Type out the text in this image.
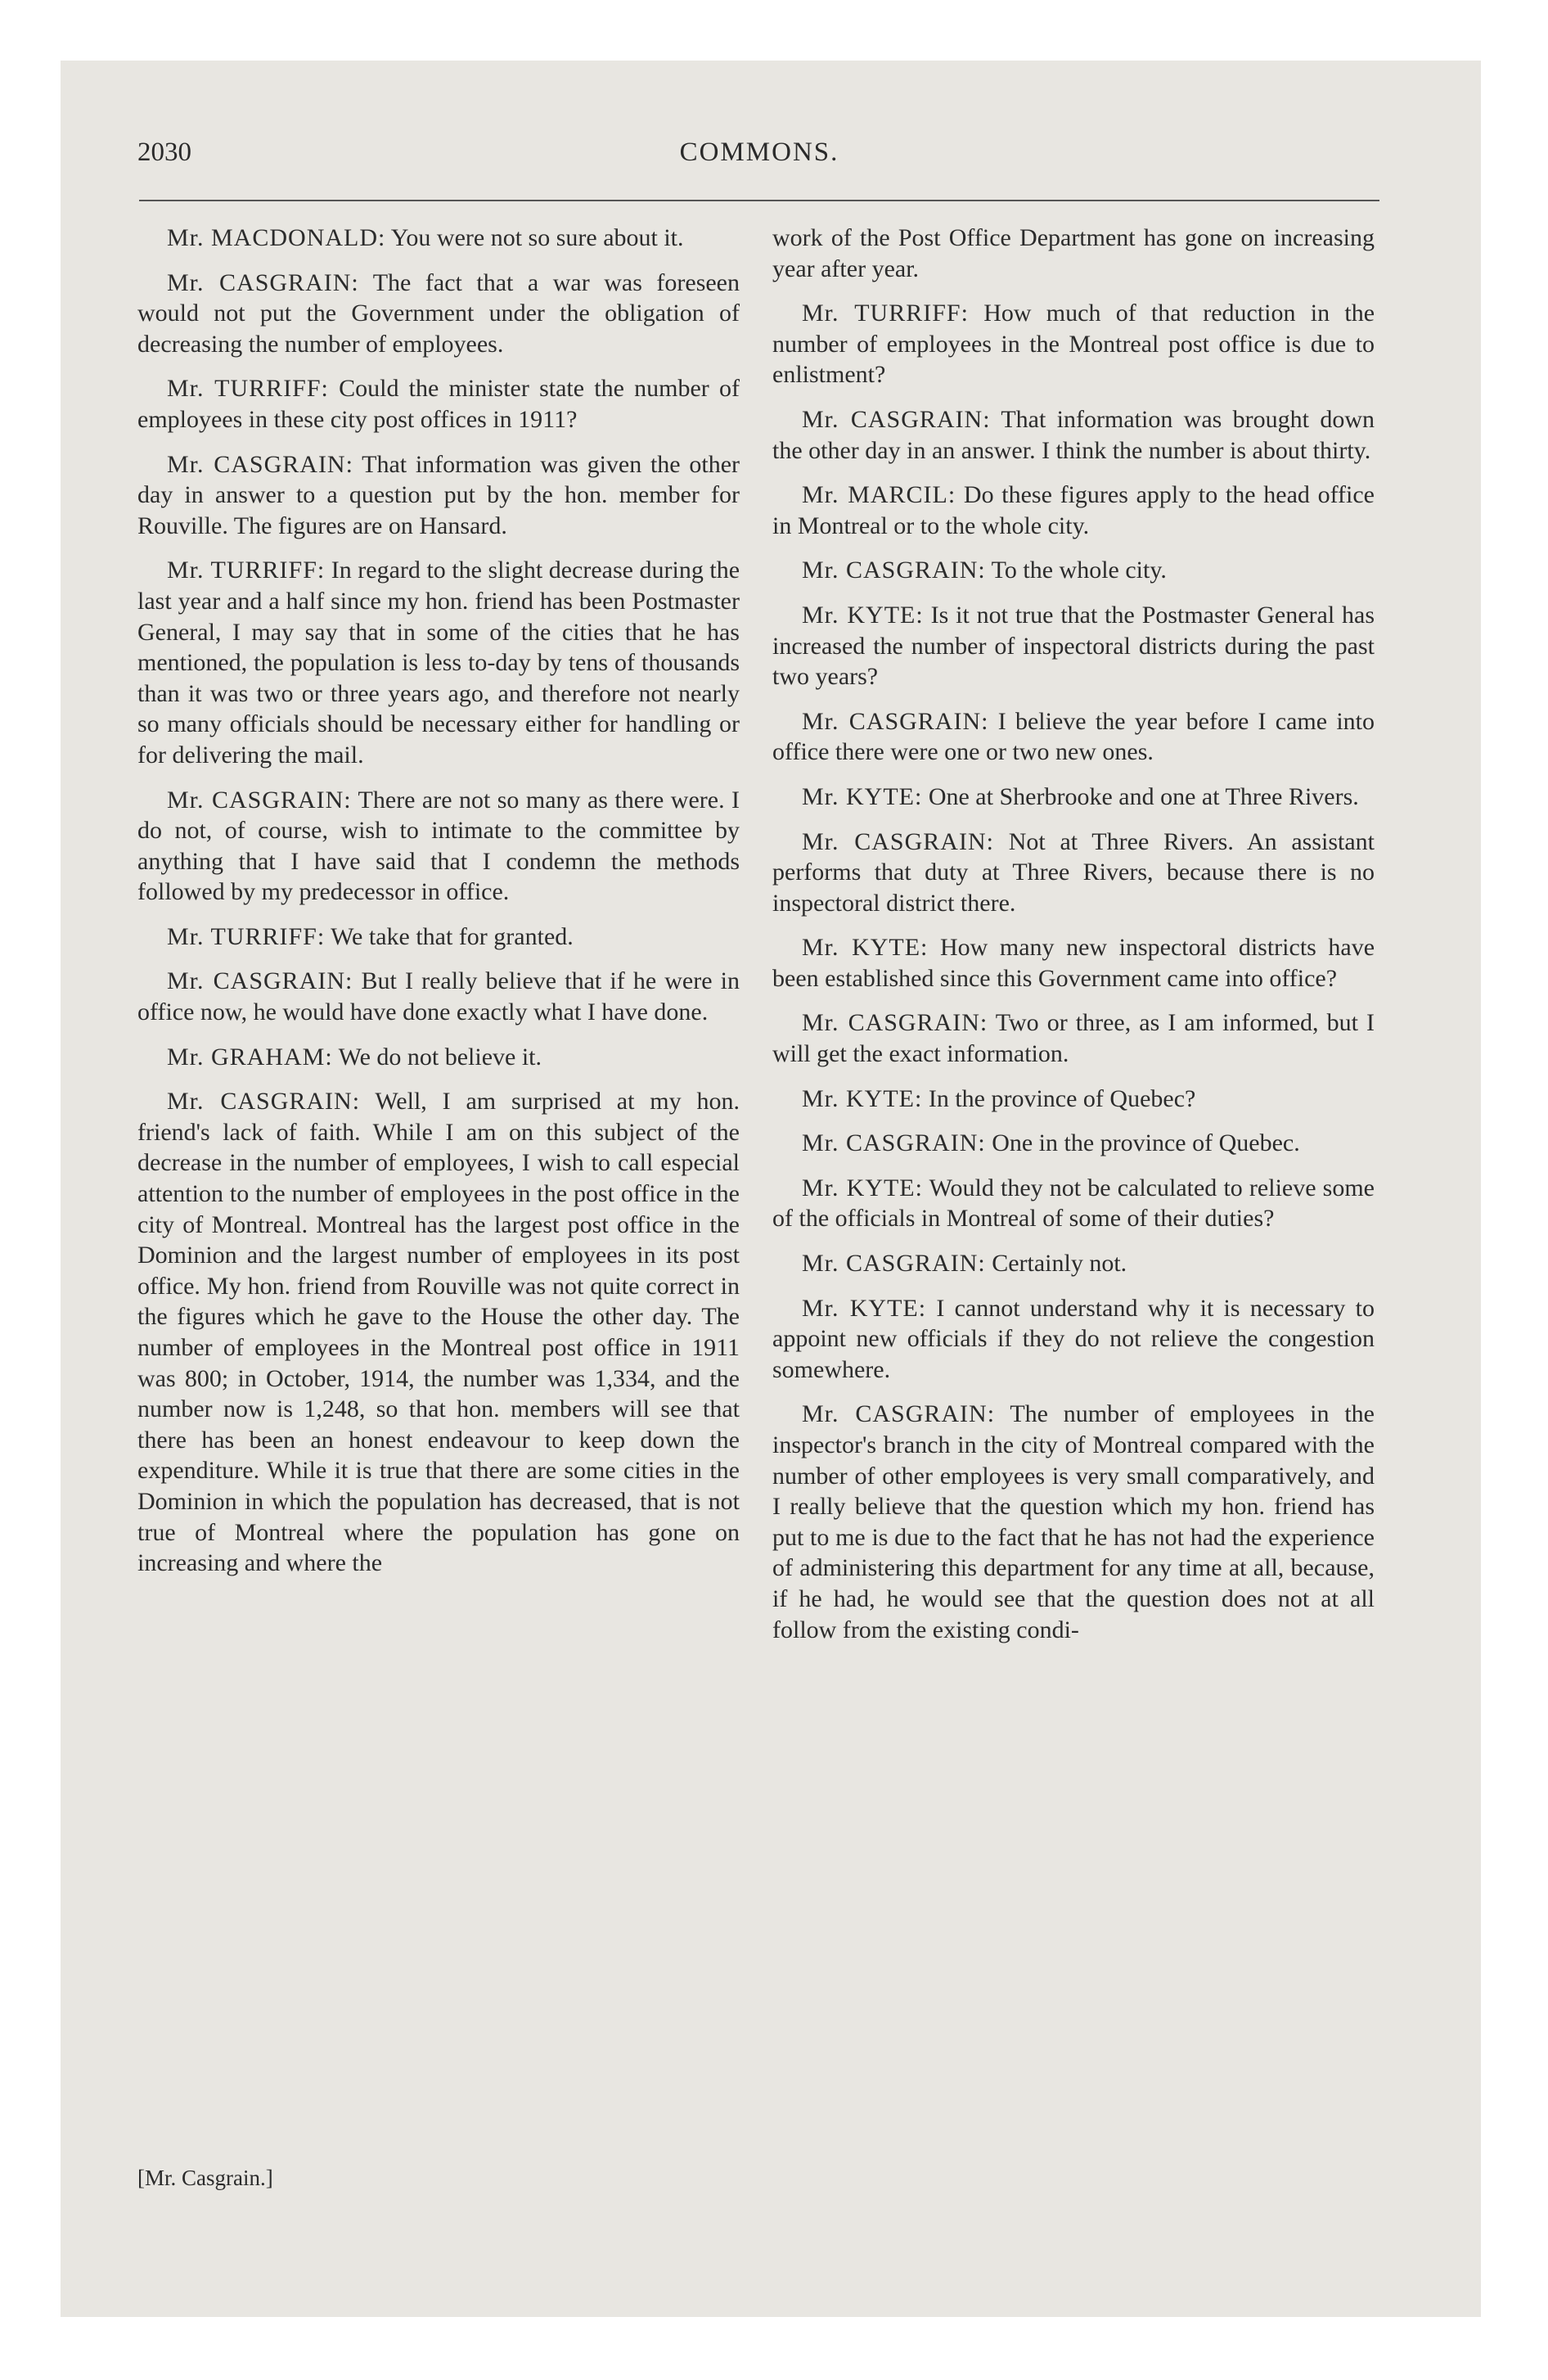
2030	COMMONS.

Mr. MACDONALD: You were not so sure about it.

Mr. CASGRAIN: The fact that a war was foreseen would not put the Government under the obligation of decreasing the number of employees.

Mr. TURRIFF: Could the minister state the number of employees in these city post offices in 1911?

Mr. CASGRAIN: That information was given the other day in answer to a question put by the hon. member for Rouville. The figures are on Hansard.

Mr. TURRIFF: In regard to the slight decrease during the last year and a half since my hon. friend has been Postmaster General, I may say that in some of the cities that he has mentioned, the population is less to-day by tens of thousands than it was two or three years ago, and therefore not nearly so many officials should be necessary either for handling or for delivering the mail.

Mr. CASGRAIN: There are not so many as there were. I do not, of course, wish to intimate to the committee by anything that I have said that I condemn the methods followed by my predecessor in office.

Mr. TURRIFF: We take that for granted.

Mr. CASGRAIN: But I really believe that if he were in office now, he would have done exactly what I have done.

Mr. GRAHAM: We do not believe it.

Mr. CASGRAIN: Well, I am surprised at my hon. friend's lack of faith. While I am on this subject of the decrease in the number of employees, I wish to call especial attention to the number of employees in the post office in the city of Montreal. Montreal has the largest post office in the Dominion and the largest number of employees in its post office. My hon. friend from Rouville was not quite correct in the figures which he gave to the House the other day. The number of employees in the Montreal post office in 1911 was 800; in October, 1914, the number was 1,334, and the number now is 1,248, so that hon. members will see that there has been an honest endeavour to keep down the expenditure. While it is true that there are some cities in the Dominion in which the population has decreased, that is not true of Montreal where the population has gone on increasing and where the

work of the Post Office Department has gone on increasing year after year.

Mr. TURRIFF: How much of that reduction in the number of employees in the Montreal post office is due to enlistment?

Mr. CASGRAIN: That information was brought down the other day in an answer. I think the number is about thirty.

Mr. MARCIL: Do these figures apply to the head office in Montreal or to the whole city.

Mr. CASGRAIN: To the whole city.

Mr. KYTE: Is it not true that the Postmaster General has increased the number of inspectoral districts during the past two years?

Mr. CASGRAIN: I believe the year before I came into office there were one or two new ones.

Mr. KYTE: One at Sherbrooke and one at Three Rivers.

Mr. CASGRAIN: Not at Three Rivers. An assistant performs that duty at Three Rivers, because there is no inspectoral district there.

Mr. KYTE: How many new inspectoral districts have been established since this Government came into office?

Mr. CASGRAIN: Two or three, as I am informed, but I will get the exact information.

Mr. KYTE: In the province of Quebec?

Mr. CASGRAIN: One in the province of Quebec.

Mr. KYTE: Would they not be calculated to relieve some of the officials in Montreal of some of their duties?

Mr. CASGRAIN: Certainly not.

Mr. KYTE: I cannot understand why it is necessary to appoint new officials if they do not relieve the congestion somewhere.

Mr. CASGRAIN: The number of employees in the inspector's branch in the city of Montreal compared with the number of other employees is very small comparatively, and I really believe that the question which my hon. friend has put to me is due to the fact that he has not had the experience of administering this department for any time at all, because, if he had, he would see that the question does not at all follow from the existing condi-

[Mr. Casgrain.]
